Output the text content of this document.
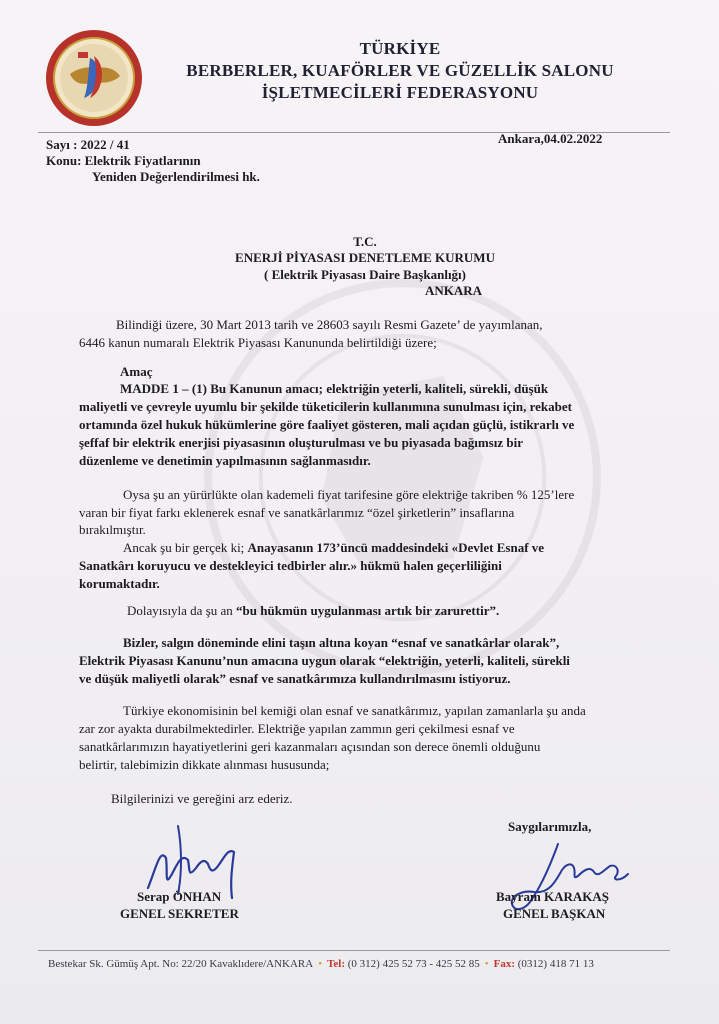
TÜRKİYE
BERBERLER, KUAFÖRLER VE GÜZELLİK SALONU
İŞLETMECİLERİ FEDERASYONU
Sayı : 2022 / 41	Ankara,04.02.2022
Konu: Elektrik Fiyatlarının
Yeniden Değerlendirilmesi hk.
T.C.
ENERJİ PİYASASI DENETLEME KURUMU
( Elektrik Piyasası Daire Başkanlığı)
ANKARA
Bilindiği üzere, 30 Mart 2013 tarih ve 28603 sayılı Resmi Gazete’ de yayımlanan,
6446 kanun numaralı Elektrik Piyasası Kanununda belirtildiği üzere;
Amaç
MADDE 1 – (1) Bu Kanunun amacı; elektriğin yeterli, kaliteli, sürekli, düşük
maliyetli ve çevreyle uyumlu bir şekilde tüketicilerin kullanımına sunulması için, rekabet
ortamında özel hukuk hükümlerine göre faaliyet gösteren, mali açıdan güçlü, istikrarlı ve
şeffaf bir elektrik enerjisi piyasasının oluşturulması ve bu piyasada bağımsız bir
düzenleme ve denetimin yapılmasının sağlanmasıdır.
Oysa şu an yürürlükte olan kademeli fiyat tarifesine göre elektriğe takriben % 125’lere
varan bir fiyat farkı eklenerek esnaf ve sanatkârlarımız “özel şirketlerin” insaflarına
bırakılmıştır.
Ancak şu bir gerçek ki; Anayasanın 173’üncü maddesindeki «Devlet Esnaf ve
Sanatkârı koruyucu ve destekleyici tedbirler alır.» hükmü halen geçerliliğini
korumaktadır.
Dolayısıyla da şu an “bu hükmün uygulanması artık bir zarurettir”.
Bizler, salgın döneminde elini taşın altına koyan “esnaf ve sanatkârlar olarak”,
Elektrik Piyasası Kanunu’nun amacına uygun olarak “elektriğin, yeterli, kaliteli, sürekli
ve düşük maliyetli olarak” esnaf ve sanatkârımıza kullandırılmasını istiyoruz.
Türkiye ekonomisinin bel kemiği olan esnaf ve sanatkârımız, yapılan zamanlarla şu anda
zar zor ayakta durabilmektedirler. Elektriğe yapılan zammın geri çekilmesi esnaf ve
sanatkârlarımızın hayatiyetlerini geri kazanmaları açısından son derece önemli olduğunu
belirtir, talebimizin dikkate alınması hususunda;
Bilgilerinizi ve gereğini arz ederiz.
Saygılarımızla,
Serap ÖNHAN
GENEL SEKRETER
Bayram KARAKAŞ
GENEL BAŞKAN
Bestekar Sk. Gümüş Apt. No: 22/20 Kavaklıdere/ANKARA • Tel: (0 312) 425 52 73 - 425 52 85 • Fax: (0312) 418 71 13
